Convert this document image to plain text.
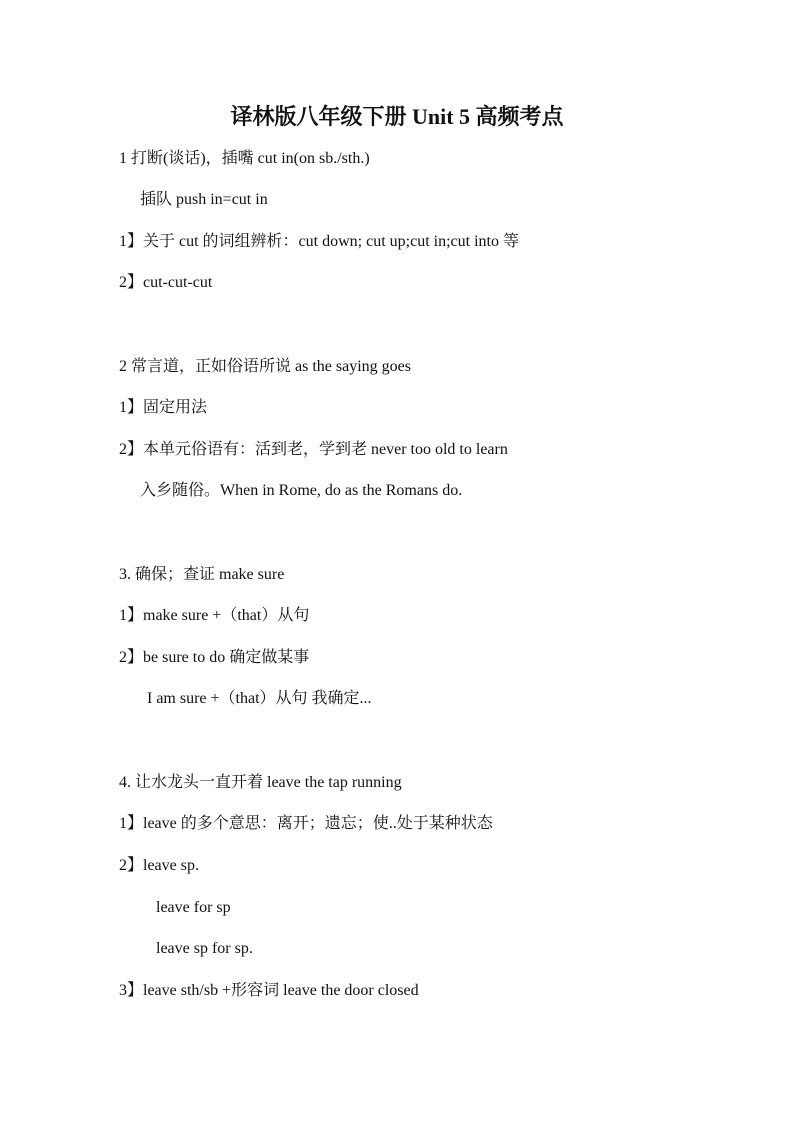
译林版八年级下册 Unit 5 高频考点
1 打断(谈话)，插嘴 cut in(on sb./sth.)
插队 push in=cut in
1】关于 cut 的词组辨析：cut down; cut up;cut in;cut into 等
2】cut-cut-cut
2 常言道，正如俗语所说 as the saying goes
1】固定用法
2】本单元俗语有：活到老，学到老 never too old to learn
入乡随俗。When in Rome, do as the Romans do.
3. 确保；查证 make sure
1】make sure +（that）从句
2】be sure to do 确定做某事
I am sure +（that）从句 我确定...
4. 让水龙头一直开着 leave the tap running
1】leave 的多个意思：离开；遗忘；使..处于某种状态
2】leave sp.
leave for sp
leave sp for sp.
3】leave sth/sb +形容词 leave the door closed
